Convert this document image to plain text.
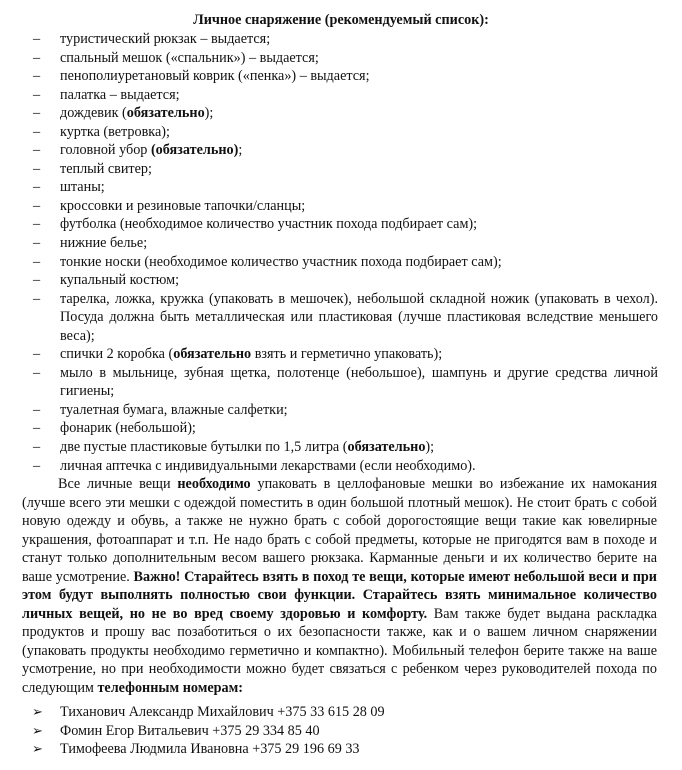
Личное снаряжение (рекомендуемый список):
– туристический рюкзак – выдается;
– спальный мешок («спальник») – выдается;
– пенополиуретановый коврик («пенка») – выдается;
– палатка – выдается;
– дождевик (обязательно);
– куртка (ветровка);
– головной убор (обязательно);
– теплый свитер;
– штаны;
– кроссовки и резиновые тапочки/сланцы;
– футболка (необходимое количество участник похода подбирает сам);
– нижние белье;
– тонкие носки (необходимое количество участник похода подбирает сам);
– купальный костюм;
– тарелка, ложка, кружка (упаковать в мешочек), небольшой складной ножик (упаковать в чехол). Посуда должна быть металлическая или пластиковая (лучше пластиковая вследствие меньшего веса);
– спички 2 коробка (обязательно взять и герметично упаковать);
– мыло в мыльнице, зубная щетка, полотенце (небольшое), шампунь и другие средства личной гигиены;
– туалетная бумага, влажные салфетки;
– фонарик (небольшой);
– две пустые пластиковые бутылки по 1,5 литра (обязательно);
– личная аптечка с индивидуальными лекарствами (если необходимо).

Все личные вещи необходимо упаковать в целлофановые мешки во избежание их намокания (лучше всего эти мешки с одеждой поместить в один большой плотный мешок). Не стоит брать с собой новую одежду и обувь, а также не нужно брать с собой дорогостоящие вещи такие как ювелирные украшения, фотоаппарат и т.п. Не надо брать с собой предметы, которые не пригодятся вам в походе и станут только дополнительным весом вашего рюкзака. Карманные деньги и их количество берите на ваше усмотрение. Важно! Старайтесь взять в поход те вещи, которые имеют небольшой веси и при этом будут выполнять полностью свои функции. Старайтесь взять минимальное количество личных вещей, но не во вред своему здоровью и комфорту. Вам также будет выдана раскладка продуктов и прошу вас позаботиться о их безопасности также, как и о вашем личном снаряжении (упаковать продукты необходимо герметично и компактно). Мобильный телефон берите также на ваше усмотрение, но при необходимости можно будет связаться с ребенком через руководителей похода по следующим телефонным номерам:

➢ Тиханович Александр Михайлович +375 33 615 28 09
➢ Фомин Егор Витальевич +375 29 334 85 40
➢ Тимофеева Людмила Ивановна +375 29 196 69 33
